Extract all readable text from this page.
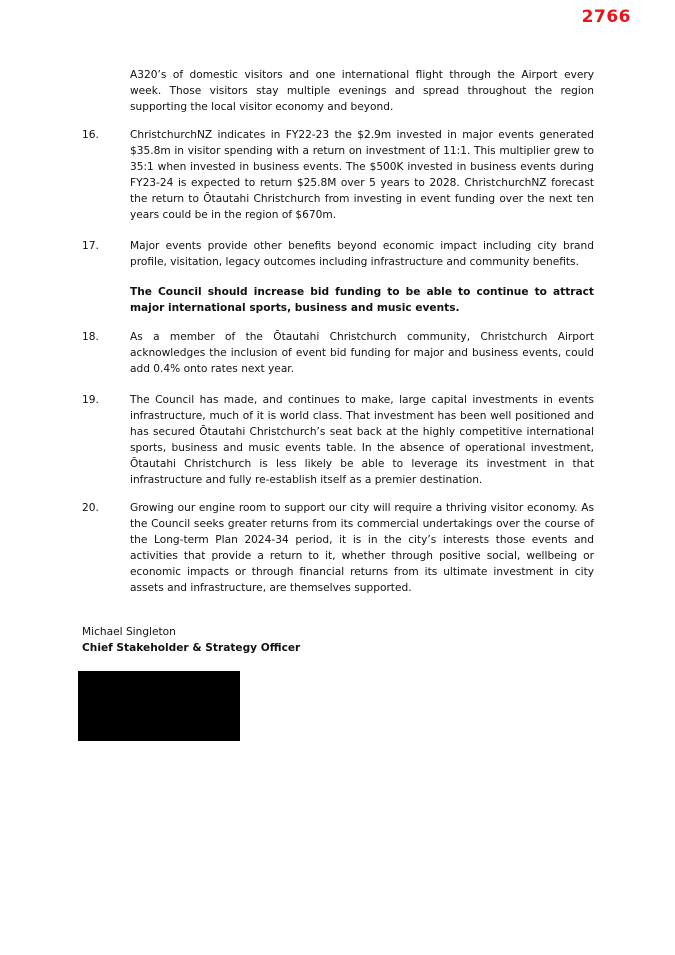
2766

A320’s of domestic visitors and one international flight through the Airport every week. Those visitors stay multiple evenings and spread throughout the region supporting the local visitor economy and beyond.

16.	ChristchurchNZ indicates in FY22-23 the $2.9m invested in major events generated $35.8m in visitor spending with a return on investment of 11:1. This multiplier grew to 35:1 when invested in business events. The $500K invested in business events during FY23-24 is expected to return $25.8M over 5 years to 2028. ChristchurchNZ forecast the return to Ōtautahi Christchurch from investing in event funding over the next ten years could be in the region of $670m.

17.	Major events provide other benefits beyond economic impact including city brand profile, visitation, legacy outcomes including infrastructure and community benefits.

The Council should increase bid funding to be able to continue to attract major international sports, business and music events.

18.	As a member of the Ōtautahi Christchurch community, Christchurch Airport acknowledges the inclusion of event bid funding for major and business events, could add 0.4% onto rates next year.

19.	The Council has made, and continues to make, large capital investments in events infrastructure, much of it is world class. That investment has been well positioned and has secured Ōtautahi Christchurch’s seat back at the highly competitive international sports, business and music events table. In the absence of operational investment, Ōtautahi Christchurch is less likely be able to leverage its investment in that infrastructure and fully re-establish itself as a premier destination.

20.	Growing our engine room to support our city will require a thriving visitor economy. As the Council seeks greater returns from its commercial undertakings over the course of the Long-term Plan 2024-34 period, it is in the city’s interests those events and activities that provide a return to it, whether through positive social, wellbeing or economic impacts or through financial returns from its ultimate investment in city assets and infrastructure, are themselves supported.

Michael Singleton
Chief Stakeholder & Strategy Officer
